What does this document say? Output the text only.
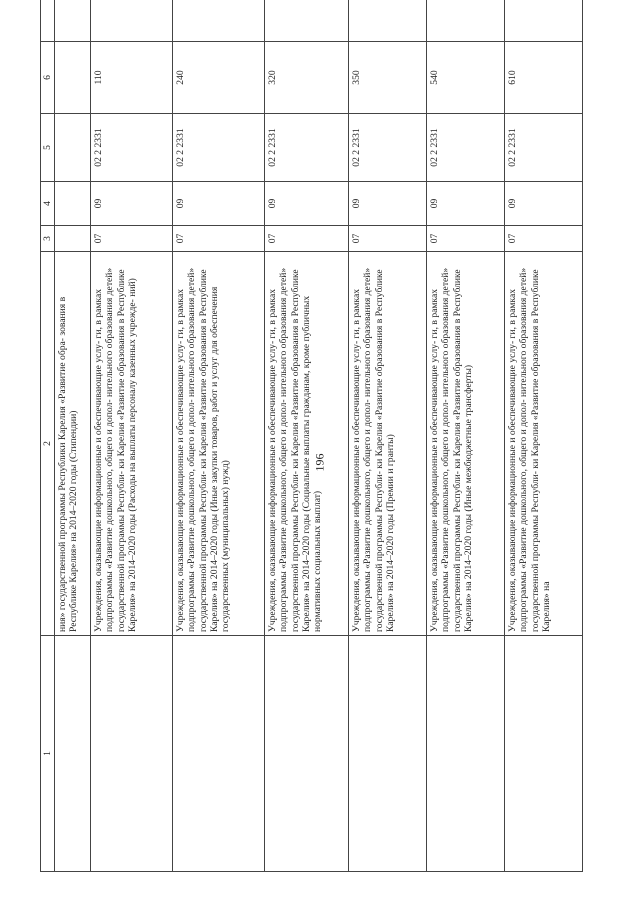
196
1	2	3	4	5	6	
	ния» государственной программы Республики Карелия «Развитие обра- зования в Республике Карелия» на 2014–2020 годы (Стипендии)					
	Учреждения, оказывающие информационные и обеспечивающие услу- ги, в рамках подпрограммы «Развитие дошкольного, общего и допол- нительного образования детей» государственной программы Республи- ки Карелия «Развитие образования в Республике Карелия» на 2014–2020 годы (Расходы на выплаты персоналу казенных учрежде- ний)	07	09	02 2 2331	110	
	Учреждения, оказывающие информационные и обеспечивающие услу- ги, в рамках подпрограммы «Развитие дошкольного, общего и допол- нительного образования детей» государственной программы Республи- ки Карелия «Развитие образования в Республике Карелия» на 2014–2020 годы (Иные закупки товаров, работ и услуг для обеспечения государственных (муниципальных) нужд)	07	09	02 2 2331	240	
	Учреждения, оказывающие информационные и обеспечивающие услу- ги, в рамках подпрограммы «Развитие дошкольного, общего и допол- нительного образования детей» государственной программы Республи- ки Карелия «Развитие образования в Республике Карелия» на 2014–2020 годы (Социальные выплаты гражданам, кроме публичных нормативных социальных выплат)	07	09	02 2 2331	320	
	Учреждения, оказывающие информационные и обеспечивающие услу- ги, в рамках подпрограммы «Развитие дошкольного, общего и допол- нительного образования детей» государственной программы Республи- ки Карелия «Развитие образования в Республике Карелия» на 2014–2020 годы (Премии и гранты)	07	09	02 2 2331	350	
	Учреждения, оказывающие информационные и обеспечивающие услу- ги, в рамках подпрограммы «Развитие дошкольного, общего и допол- нительного образования детей» государственной программы Республи- ки Карелия «Развитие образования в Республике Карелия» на 2014–2020 годы (Иные межбюджетные трансферты)	07	09	02 2 2331	540	
	Учреждения, оказывающие информационные и обеспечивающие услу- ги, в рамках подпрограммы «Развитие дошкольного, общего и допол- нительного образования детей» государственной программы Республи- ки Карелия «Развитие образования в Республике Карелия» на	07	09	02 2 2331	610	
